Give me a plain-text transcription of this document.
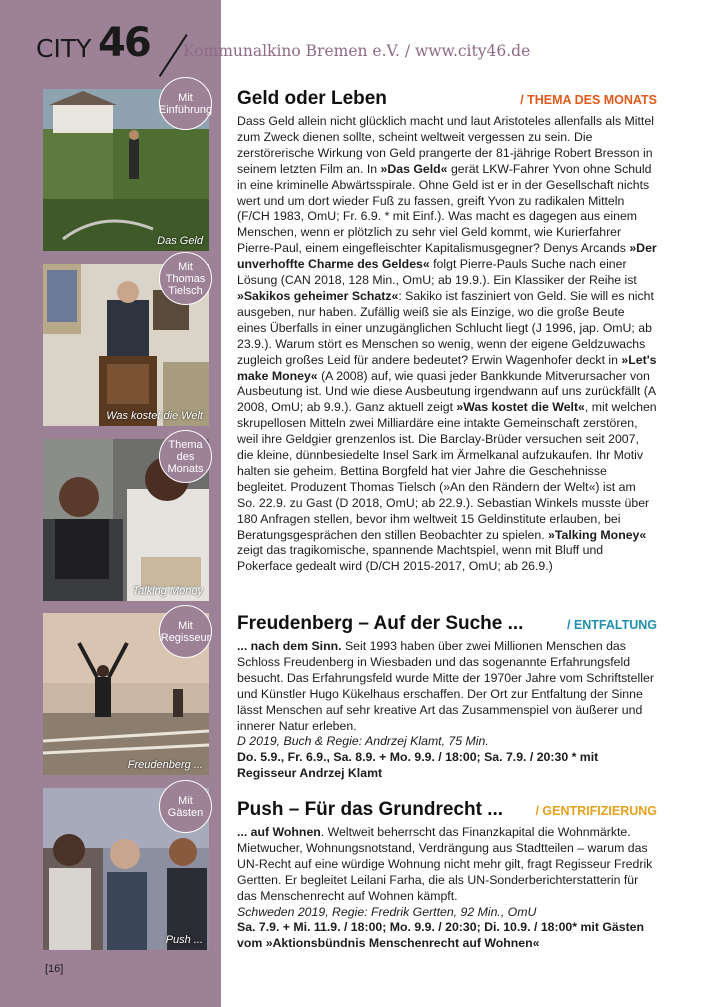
CITY 46 Kommunalkino Bremen e.V. / www.city46.de
Das Geld
Mit Einführung
Was kostet die Welt
Mit Thomas Tielsch
Talking Money
Thema des Monats
Freudenberg ...
Mit Regisseur
Push ...
Mit Gästen
[16]
Geld oder Leben	/ THEMA DES MONATS
Dass Geld allein nicht glücklich macht und laut Aristoteles allenfalls als Mittel zum Zweck dienen sollte, scheint weltweit vergessen zu sein. Die zerstörerische Wirkung von Geld prangerte der 81-jährige Robert Bresson in seinem letzten Film an. In »Das Geld« gerät LKW-Fahrer Yvon ohne Schuld in eine kriminelle Abwärtsspirale. Ohne Geld ist er in der Gesellschaft nichts wert und um dort wieder Fuß zu fassen, greift Yvon zu radikalen Mitteln (F/CH 1983, OmU; Fr. 6.9. * mit Einf.). Was macht es dagegen aus einem Menschen, wenn er plötzlich zu sehr viel Geld kommt, wie Kurierfahrer Pierre-Paul, einem eingefleischter Kapitalismusgegner? Denys Arcands »Der unverhoffte Charme des Geldes« folgt Pierre-Pauls Suche nach einer Lösung (CAN 2018, 128 Min., OmU; ab 19.9.). Ein Klassiker der Reihe ist »Sakikos geheimer Schatz«: Sakiko ist fasziniert von Geld. Sie will es nicht ausgeben, nur haben. Zufällig weiß sie als Einzige, wo die große Beute eines Überfalls in einer unzugänglichen Schlucht liegt (J 1996, jap. OmU; ab 23.9.). Warum stört es Menschen so wenig, wenn der eigene Geldzuwachs zugleich großes Leid für andere bedeutet? Erwin Wagenhofer deckt in »Let's make Money« (A 2008) auf, wie quasi jeder Bankkunde Mitverursacher von Ausbeutung ist. Und wie diese Ausbeutung irgendwann auf uns zurückfällt (A 2008, OmU; ab 9.9.). Ganz aktuell zeigt »Was kostet die Welt«, mit welchen skrupellosen Mitteln zwei Milliardäre eine intakte Gemeinschaft zerstören, weil ihre Geldgier grenzenlos ist. Die Barclay-Brüder versuchen seit 2007, die kleine, dünnbesiedelte Insel Sark im Ärmelkanal aufzukaufen. Ihr Motiv halten sie geheim. Bettina Borgfeld hat vier Jahre die Geschehnisse begleitet. Produzent Thomas Tielsch (»An den Rändern der Welt«) ist am So. 22.9. zu Gast (D 2018, OmU; ab 22.9.). Sebastian Winkels musste über 180 Anfragen stellen, bevor ihm weltweit 15 Geldinstitute erlauben, bei Beratungsgesprächen den stillen Beobachter zu spielen. »Talking Money« zeigt das tragikomische, spannende Machtspiel, wenn mit Bluff und Pokerface gedealt wird (D/CH 2015-2017, OmU; ab 26.9.)
Freudenberg – Auf der Suche ...	/ ENTFALTUNG
... nach dem Sinn. Seit 1993 haben über zwei Millionen Menschen das Schloss Freudenberg in Wiesbaden und das sogenannte Erfahrungsfeld besucht. Das Erfahrungsfeld wurde Mitte der 1970er Jahre vom Schriftsteller und Künstler Hugo Kükelhaus erschaffen. Der Ort zur Entfaltung der Sinne lässt Menschen auf sehr kreative Art das Zusammenspiel von äußerer und innerer Natur erleben.
D 2019, Buch & Regie: Andrzej Klamt, 75 Min.
Do. 5.9., Fr. 6.9., Sa. 8.9. + Mo. 9.9. / 18:00; Sa. 7.9. / 20:30 * mit Regisseur Andrzej Klamt
Push – Für das Grundrecht ...	/ GENTRIFIZIERUNG
... auf Wohnen. Weltweit beherrscht das Finanzkapital die Wohnmärkte. Mietwucher, Wohnungsnotstand, Verdrängung aus Stadtteilen – warum das UN-Recht auf eine würdige Wohnung nicht mehr gilt, fragt Regisseur Fredrik Gertten. Er begleitet Leilani Farha, die als UN-Sonderberichterstatterin für das Menschenrecht auf Wohnen kämpft.
Schweden 2019, Regie: Fredrik Gertten, 92 Min., OmU
Sa. 7.9. + Mi. 11.9. / 18:00; Mo. 9.9. / 20:30; Di. 10.9. / 18:00* mit Gästen vom »Aktionsbündnis Menschenrecht auf Wohnen«
